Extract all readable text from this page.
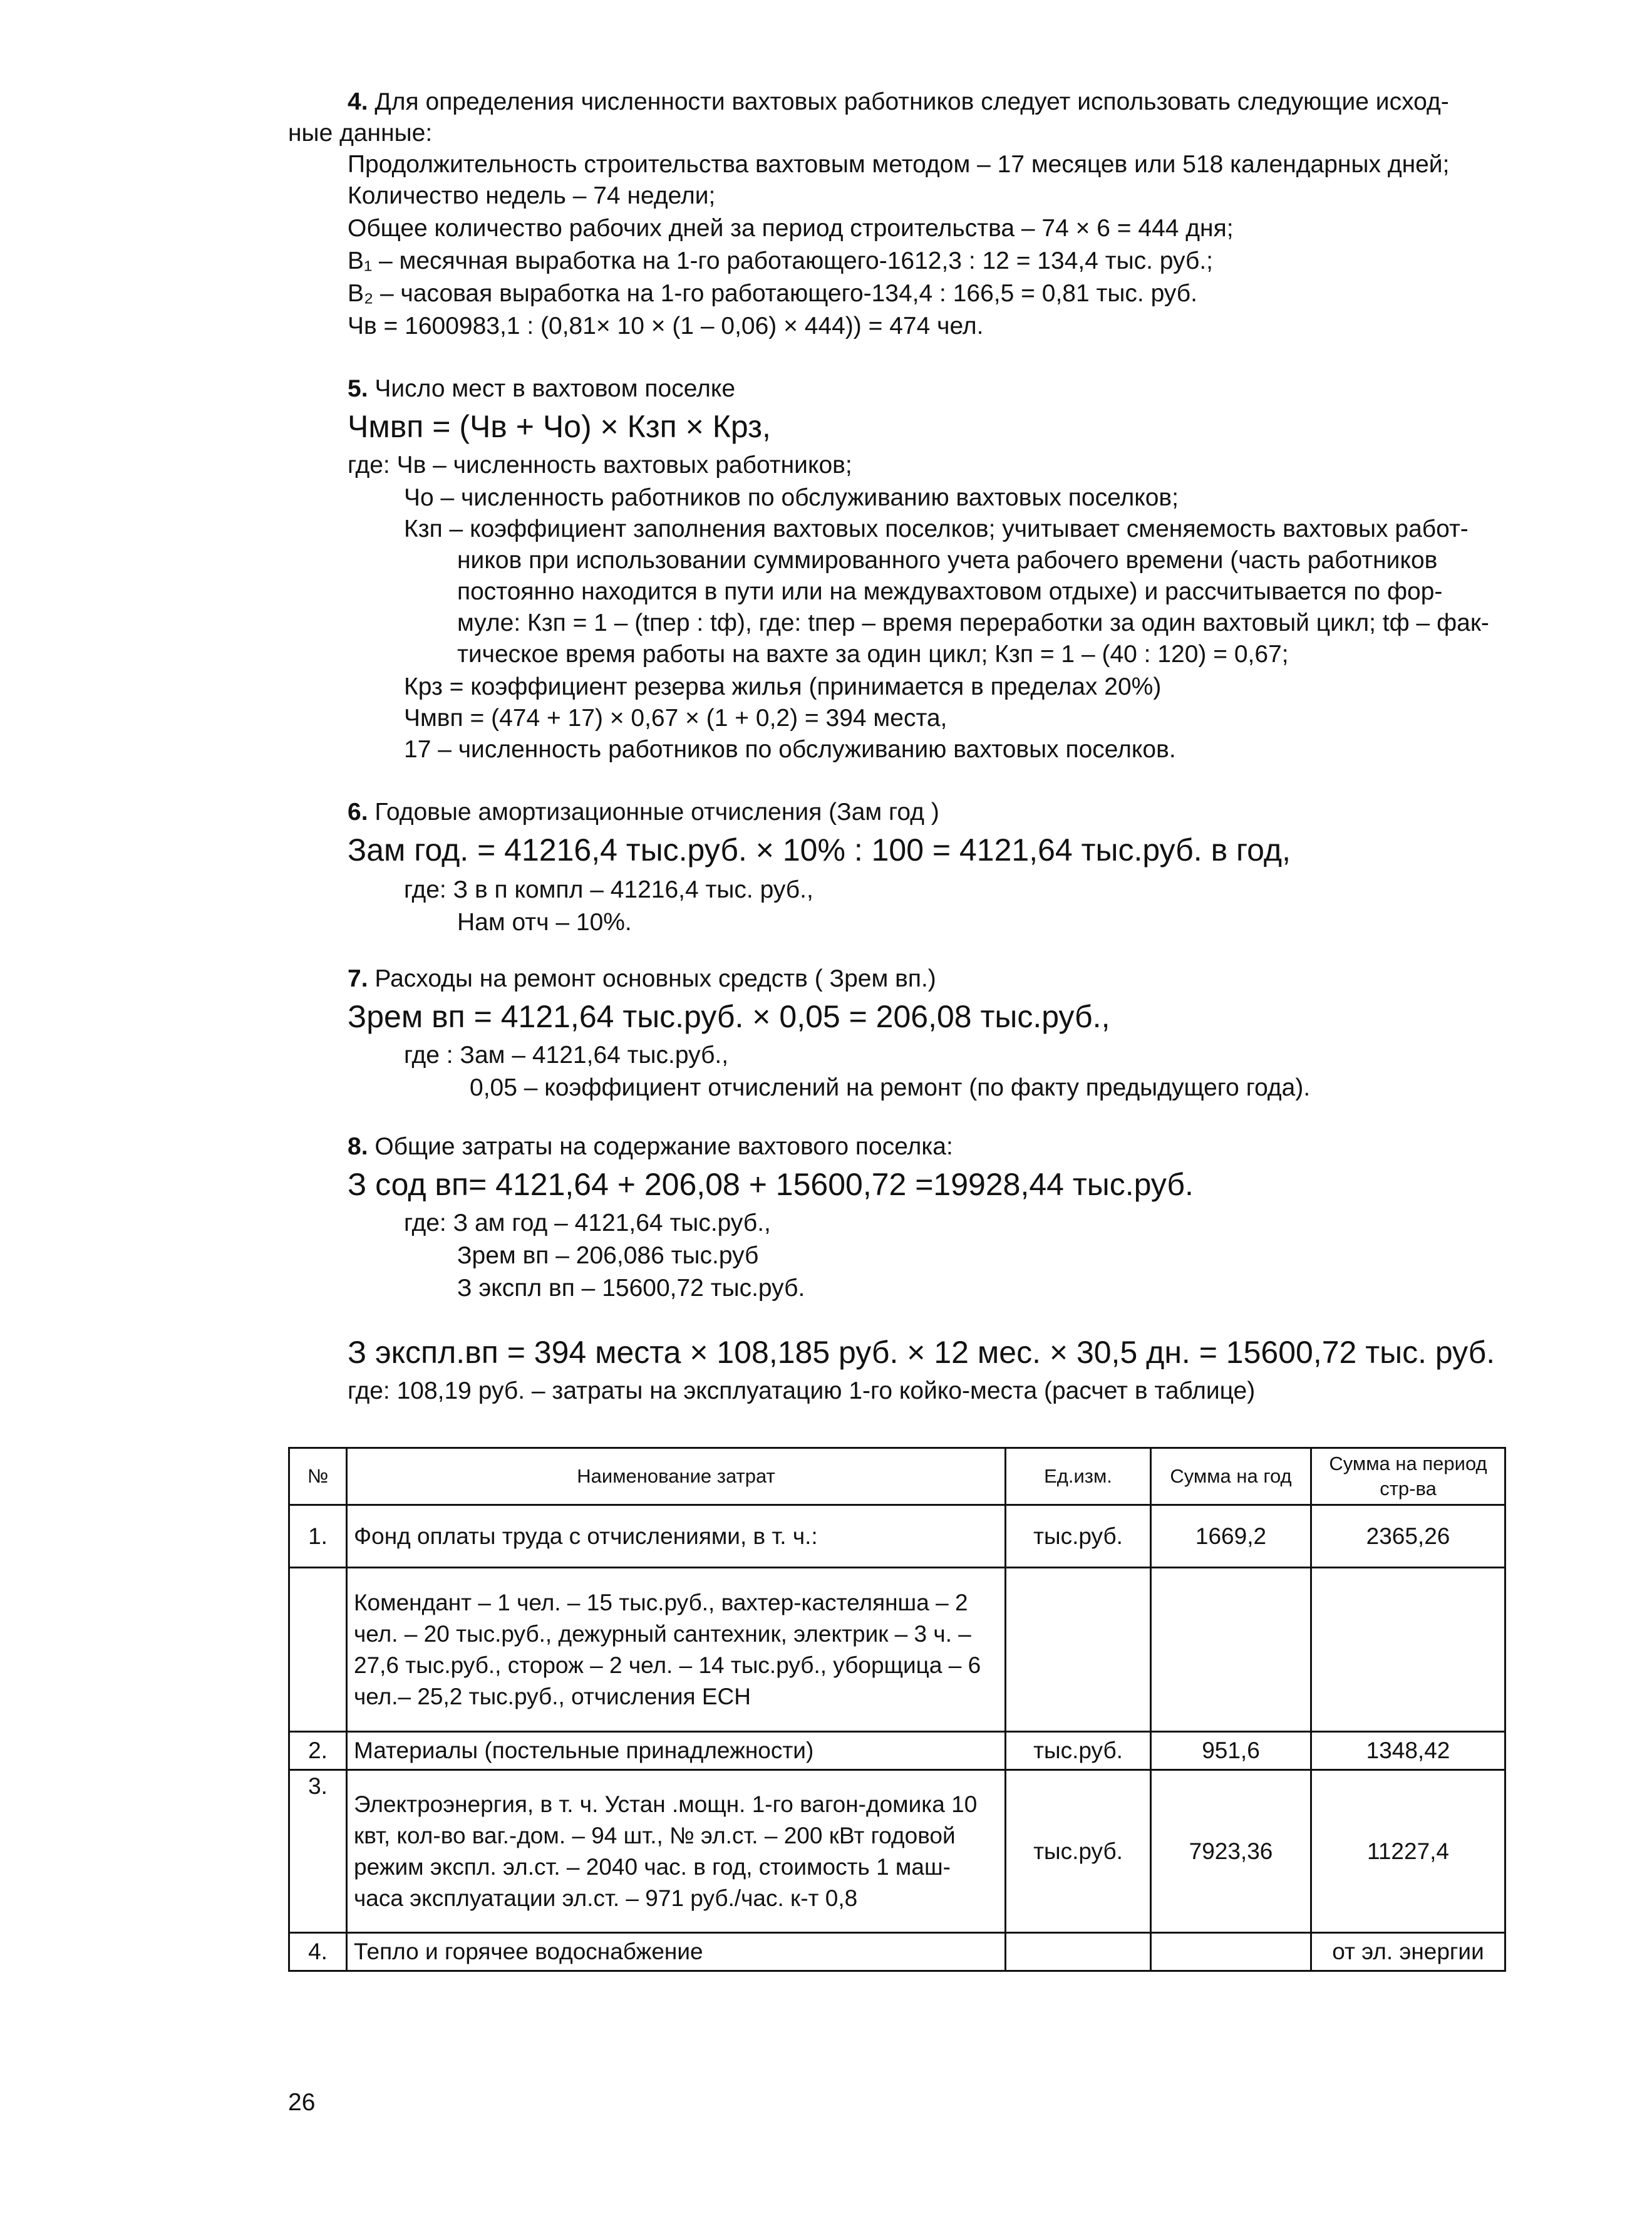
4. Для определения численности вахтовых работников следует использовать следующие исход-
ные данные:
Продолжительность строительства вахтовым методом – 17 месяцев или 518 календарных дней;
Количество недель – 74 недели;
Общее количество рабочих дней за период строительства – 74 × 6 = 444 дня;
В₁ – месячная выработка на 1-го работающего-1612,3 : 12 = 134,4 тыс. руб.;
В₂ – часовая выработка на 1-го работающего-134,4 : 166,5 = 0,81 тыс. руб.
Чв = 1600983,1 : (0,81× 10 × (1 – 0,06) × 444)) = 474 чел.
5. Число мест в вахтовом поселке
Чмвп = (Чв + Чо) × Кзп × Крз,
где: Чв – численность вахтовых работников;
Чо – численность работников по обслуживанию вахтовых поселков;
Кзп – коэффициент заполнения вахтовых поселков; учитывает сменяемость вахтовых работ-
ников при использовании суммированного учета рабочего времени (часть работников
постоянно находится в пути или на междувахтовом отдыхе) и рассчитывается по фор-
муле: Кзп = 1 – (tпер : tф), где: tпер – время переработки за один вахтовый цикл; tф – фак-
тическое время работы на вахте за один цикл; Кзп = 1 – (40 : 120) = 0,67;
Крз = коэффициент резерва жилья (принимается в пределах 20%)
Чмвп = (474 + 17) × 0,67 × (1 + 0,2) = 394 места,
17 – численность работников по обслуживанию вахтовых поселков.
6. Годовые амортизационные отчисления (Зам год )
Зам год. = 41216,4 тыс.руб. × 10% : 100 = 4121,64 тыс.руб. в год,
где: З в п компл – 41216,4 тыс. руб.,
Нам отч – 10%.
7. Расходы на ремонт основных средств ( Зрем вп.)
Зрем вп = 4121,64 тыс.руб. × 0,05 = 206,08 тыс.руб.,
где : Зам – 4121,64 тыс.руб.,
0,05 – коэффициент отчислений на ремонт (по факту предыдущего года).
8. Общие затраты на содержание вахтового поселка:
З сод вп= 4121,64 + 206,08 + 15600,72 =19928,44 тыс.руб.
где: З ам год – 4121,64 тыс.руб.,
Зрем вп – 206,086 тыс.руб
З экспл вп – 15600,72 тыс.руб.
З экспл.вп = 394 места × 108,185 руб. × 12 мес. × 30,5 дн. = 15600,72 тыс. руб.
где: 108,19 руб. – затраты на эксплуатацию 1-го койко-места (расчет в таблице)
№	Наименование затрат	Ед.изм.	Сумма на год	Сумма на период стр-ва
1.	Фонд оплаты труда с отчислениями, в т. ч.:	тыс.руб.	1669,2	2365,26
	Комендант – 1 чел. – 15 тыс.руб., вахтер-кастелянша – 2 чел. – 20 тыс.руб., дежурный сантехник, электрик – 3 ч. – 27,6 тыс.руб., сторож – 2 чел. – 14 тыс.руб., уборщица – 6 чел.– 25,2 тыс.руб., отчисления ЕСН			
2.	Материалы (постельные принадлежности)	тыс.руб.	951,6	1348,42
3.	Электроэнергия, в т. ч. Устан .мощн. 1-го вагон-домика 10 квт, кол-во ваг.-дом. – 94 шт., № эл.ст. – 200 кВт годовой режим экспл. эл.ст. – 2040 час. в год, стоимость 1 маш-часа эксплуатации эл.ст. – 971 руб./час. к-т 0,8	тыс.руб.	7923,36	11227,4
4.	Тепло и горячее водоснабжение			от эл. энергии
26
